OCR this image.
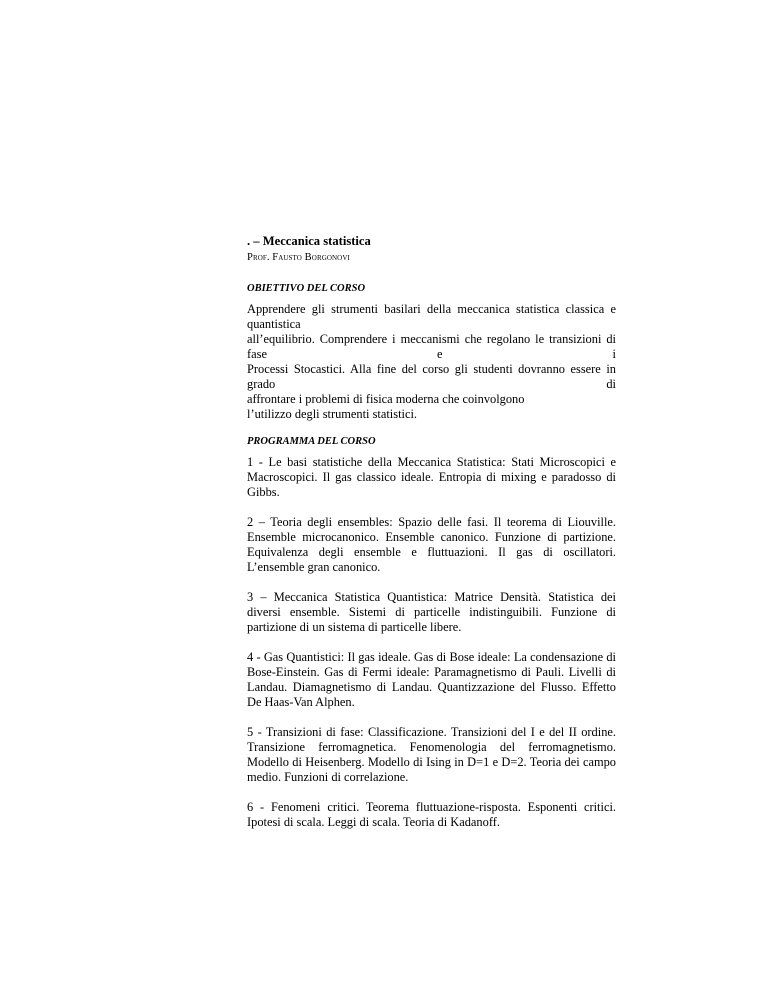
. – Meccanica statistica

Prof. Fausto Borgonovi

OBIETTIVO DEL CORSO

Apprendere gli strumenti basilari della meccanica statistica classica e quantistica
all’equilibrio. Comprendere i meccanismi che regolano le transizioni di fase e i
Processi Stocastici. Alla fine del corso gli studenti dovranno essere in grado di
affrontare i problemi di fisica moderna che coinvolgono
l’utilizzo degli strumenti statistici.

PROGRAMMA DEL CORSO

1 - Le basi statistiche della Meccanica Statistica: Stati Microscopici e Macroscopici. Il gas classico ideale. Entropia di mixing e paradosso di Gibbs.

2 – Teoria degli ensembles: Spazio delle fasi. Il teorema di Liouville. Ensemble microcanonico. Ensemble canonico. Funzione di partizione. Equivalenza degli ensemble e fluttuazioni. Il gas di oscillatori. L’ensemble gran canonico.

3 – Meccanica Statistica Quantistica: Matrice Densità. Statistica dei diversi ensemble. Sistemi di particelle indistinguibili. Funzione di partizione di un sistema di particelle libere.

4 - Gas Quantistici: Il gas ideale. Gas di Bose ideale: La condensazione di Bose-Einstein. Gas di Fermi ideale: Paramagnetismo di Pauli. Livelli di Landau. Diamagnetismo di Landau. Quantizzazione del Flusso. Effetto De Haas-Van Alphen.

5 - Transizioni di fase: Classificazione. Transizioni del I e del II ordine. Transizione ferromagnetica. Fenomenologia del ferromagnetismo. Modello di Heisenberg. Modello di Ising in D=1 e D=2. Teoria dei campo medio. Funzioni di correlazione.

6 - Fenomeni critici. Teorema fluttuazione-risposta. Esponenti critici. Ipotesi di scala. Leggi di scala. Teoria di Kadanoff.
